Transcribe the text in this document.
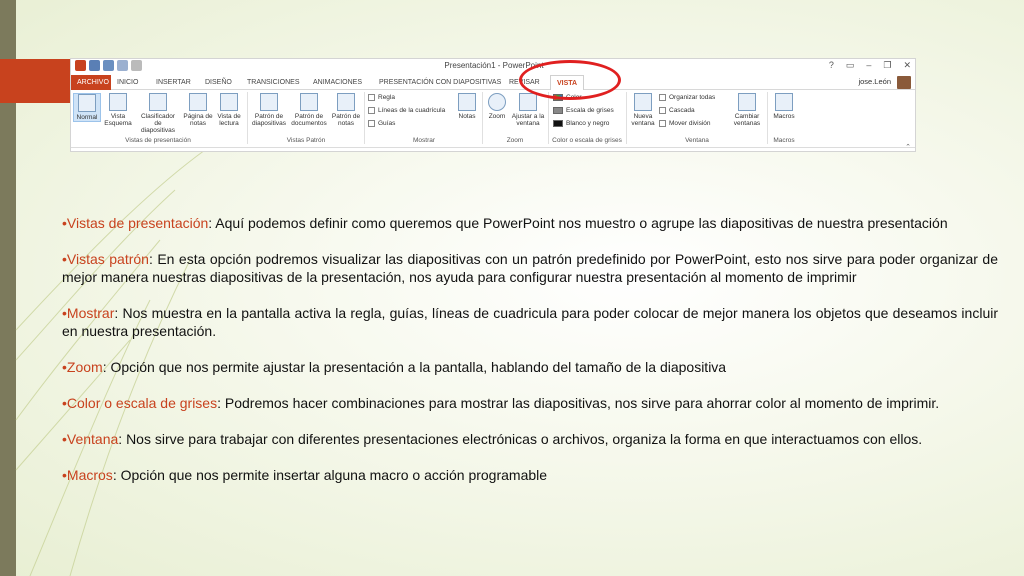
Presentación1 - PowerPoint	? ▭ – ❐ ✕
ARCHIVO	INICIO	INSERTAR	DISEÑO	TRANSICIONES	ANIMACIONES	PRESENTACIÓN CON DIAPOSITIVAS	REVISAR	VISTA	jose.León
Normal	Vista Esquema
Clasificador de diapositivas
Página de notas
Vista de lectura
Vistas de presentación
Patrón de diapositivas
Patrón de documentos
Patrón de notas
Vistas Patrón
Regla
Líneas de la cuadrícula
Guías
Notas
Mostrar
Zoom Ajustar a la ventana
Zoom
Color
Escala de grises
Blanco y negro
Color o escala de grises
Nueva ventana
Organizar todas
Cascada
Mover división
Cambiar ventanas
Ventana
Macros
Macros
⌃

•Vistas de presentación: Aquí podemos definir como queremos que PowerPoint nos muestro o agrupe las diapositivas de nuestra presentación

•Vistas patrón: En esta opción podremos visualizar las diapositivas con un patrón predefinido por PowerPoint, esto nos sirve para poder organizar de mejor manera nuestras diapositivas de la presentación, nos ayuda para configurar nuestra presentación al momento de imprimir

•Mostrar: Nos muestra en la pantalla activa la regla, guías, líneas de cuadricula para poder colocar de mejor manera los objetos que deseamos incluir en nuestra presentación.

•Zoom: Opción que nos permite ajustar la presentación a la pantalla, hablando del tamaño de la diapositiva

•Color o escala de grises: Podremos hacer combinaciones para mostrar las diapositivas, nos sirve para ahorrar color al momento de imprimir.

•Ventana: Nos sirve para trabajar con diferentes presentaciones electrónicas o archivos, organiza la forma en que interactuamos con ellos.

•Macros: Opción que nos permite insertar alguna macro o acción programable
